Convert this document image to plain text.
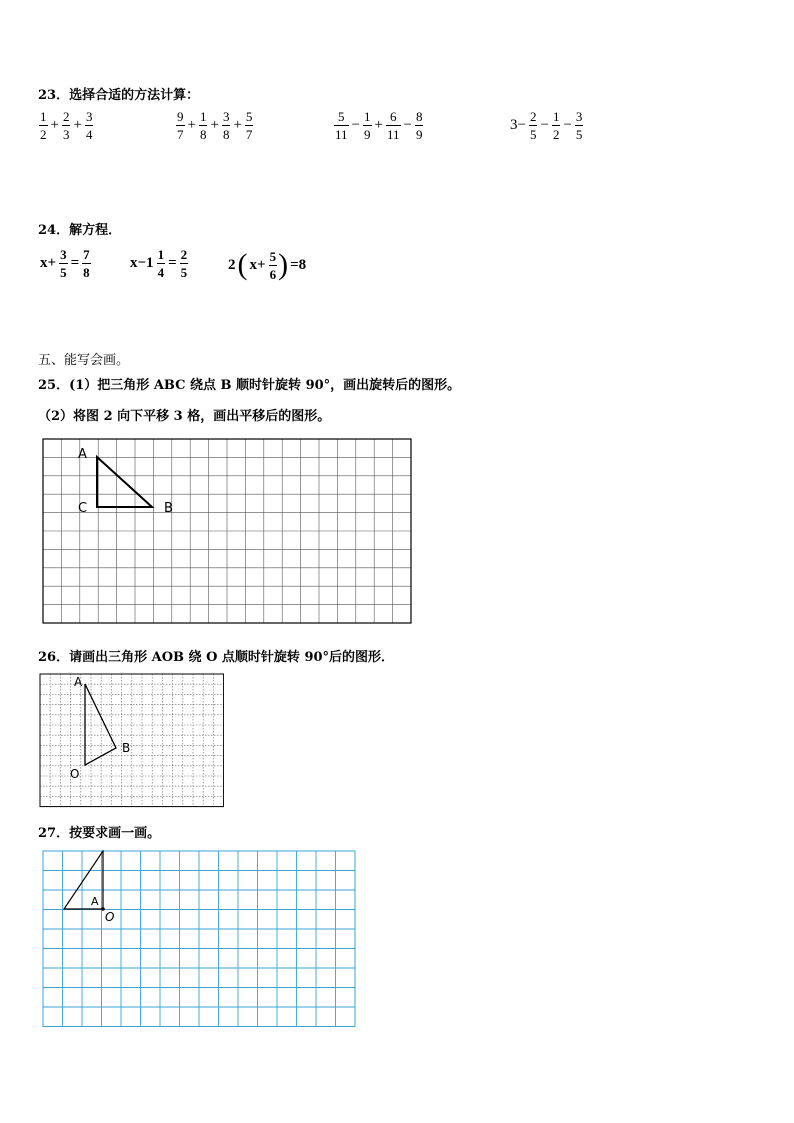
23．选择合适的方法计算：
$\frac{1}{2} + \frac{2}{3} + \frac{3}{4}$	$\frac{9}{7} + \frac{1}{8} + \frac{3}{8} + \frac{5}{7}$	$\frac{5}{11} - \frac{1}{9} + \frac{6}{11} - \frac{8}{9}$	$3- \frac{2}{5} - \frac{1}{2} - \frac{3}{5}$
24．解方程．
$x+ \frac{3}{5} = \frac{7}{8}$	$x-1 \frac{1}{4} = \frac{2}{5}$	2 ( $x+ \frac{5}{6}$ ) =8
五、能写会画。
25．(1）把三角形 ABC 绕点 B 顺时针旋转 90°，画出旋转后的图形。
（2）将图 2 向下平移 3 格，画出平移后的图形。
A
C	B
26．请画出三角形 AOB 绕 O 点顺时针旋转 90°后的图形．
A
B
O
27．按要求画一画。
A
O
